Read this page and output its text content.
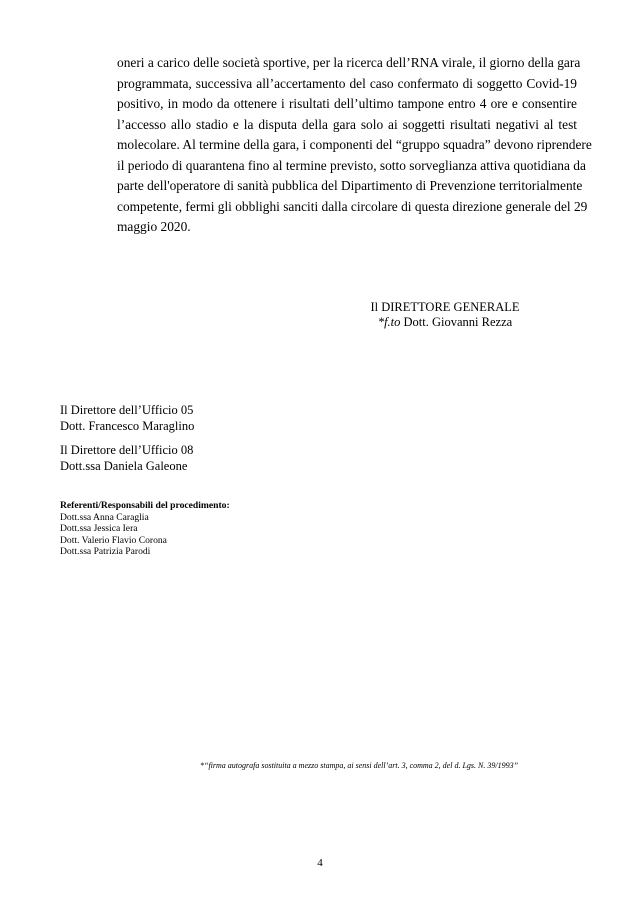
oneri a carico delle società sportive, per la ricerca dell’RNA virale, il giorno della gara
programmata, successiva all’accertamento del caso confermato di soggetto Covid-19
positivo, in modo da ottenere i risultati dell’ultimo tampone entro 4 ore e consentire
l’accesso allo stadio e la disputa della gara solo ai soggetti risultati negativi al test
molecolare. Al termine della gara, i componenti del “gruppo squadra” devono riprendere
il periodo di quarantena fino al termine previsto, sotto sorveglianza attiva quotidiana da
parte dell'operatore di sanità pubblica del Dipartimento di Prevenzione territorialmente
competente, fermi gli obblighi sanciti dalla circolare di questa direzione generale del 29
maggio 2020.
Il DIRETTORE GENERALE
*f.to Dott. Giovanni Rezza
Il Direttore dell’Ufficio 05
Dott. Francesco Maraglino
Il Direttore dell’Ufficio 08
Dott.ssa Daniela Galeone
Referenti/Responsabili del procedimento:
Dott.ssa Anna Caraglia
Dott.ssa Jessica Iera
Dott. Valerio Flavio Corona
Dott.ssa Patrizia Parodi
*“firma autografa sostituita a mezzo stampa, ai sensi dell’art. 3, comma 2, del d. Lgs. N. 39/1993”
4
